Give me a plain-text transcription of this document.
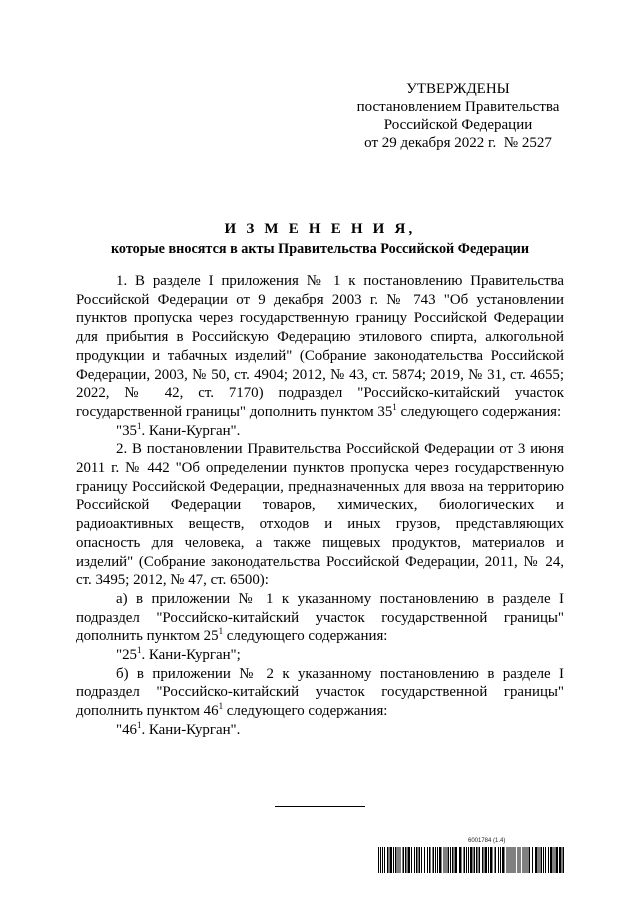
УТВЕРЖДЕНЫ
постановлением Правительства
Российской Федерации
от 29 декабря 2022 г.  № 2527
И З М Е Н Е Н И Я,
которые вносятся в акты Правительства Российской Федерации

1. В разделе I приложения № 1 к постановлению Правительства Российской Федерации от 9 декабря 2003 г. № 743 "Об установлении пунктов пропуска через государственную границу Российской Федерации для прибытия в Российскую Федерацию этилового спирта, алкогольной продукции и табачных изделий" (Собрание законодательства Российской Федерации, 2003, № 50, ст. 4904; 2012, № 43, ст. 5874; 2019, № 31, ст. 4655; 2022, № 42, ст. 7170) подраздел "Российско-китайский участок государственной границы" дополнить пунктом $35^1$ следующего содержания:

"$35^1$. Кани-Курган".

2. В постановлении Правительства Российской Федерации от 3 июня 2011 г. № 442 "Об определении пунктов пропуска через государственную границу Российской Федерации, предназначенных для ввоза на территорию Российской Федерации товаров, химических, биологических и радиоактивных веществ, отходов и иных грузов, представляющих опасность для человека, а также пищевых продуктов, материалов и изделий" (Собрание законодательства Российской Федерации, 2011, № 24, ст. 3495; 2012, № 47, ст. 6500):

а) в приложении № 1 к указанному постановлению в разделе I подраздел "Российско-китайский участок государственной границы" дополнить пунктом $25^1$ следующего содержания:

"$25^1$. Кани-Курган";

б) в приложении № 2 к указанному постановлению в разделе I подраздел "Российско-китайский участок государственной границы" дополнить пунктом $46^1$ следующего содержания:

"$46^1$. Кани-Курган".

6001784 (1.4)
